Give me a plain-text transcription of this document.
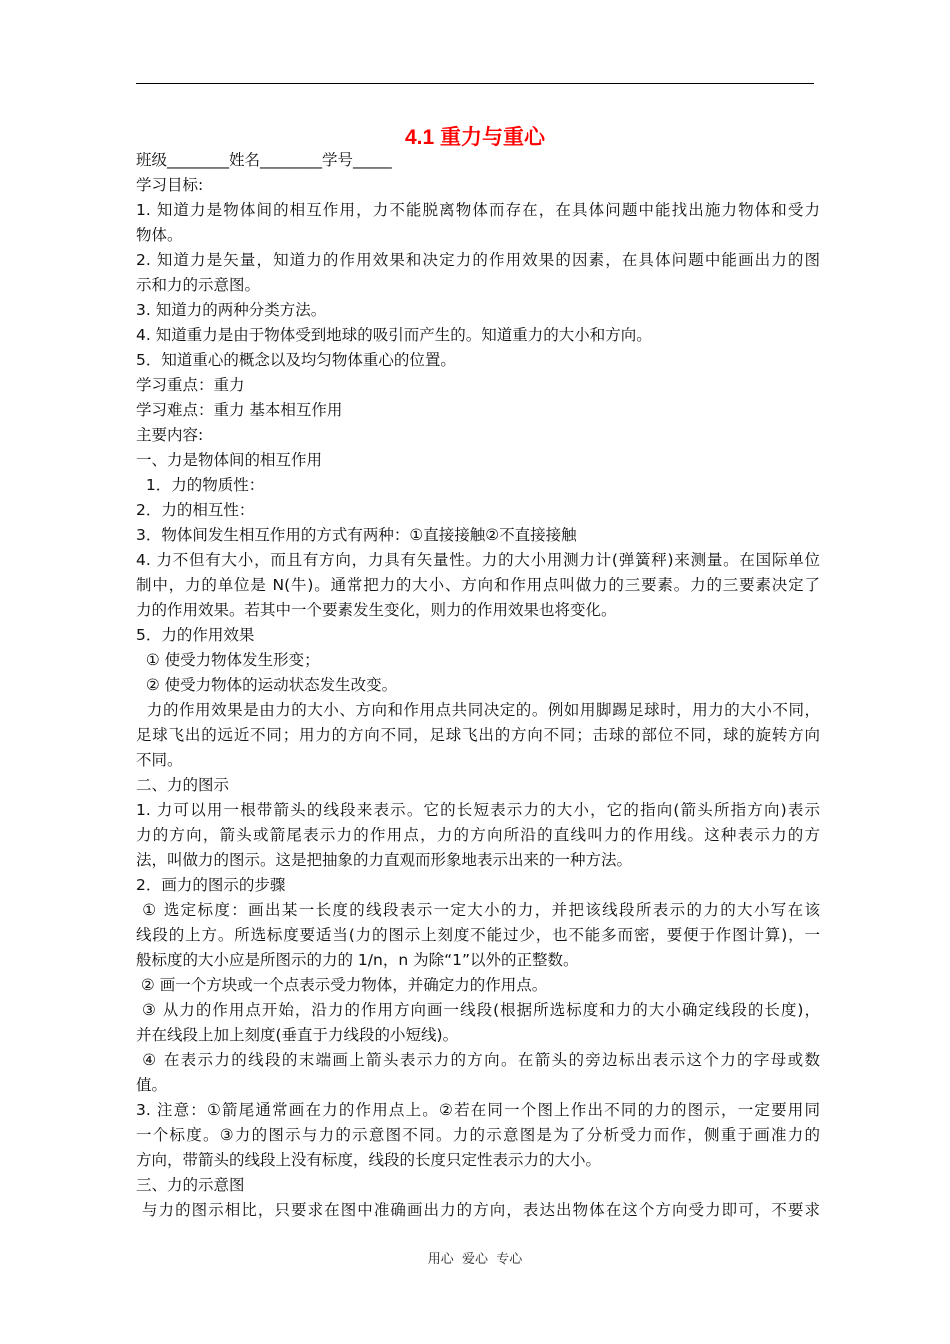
4.1 重力与重心
班级________姓名________学号_____
学习目标:
1. 知道力是物体间的相互作用，力不能脱离物体而存在，在具体问题中能找出施力物体和受力
物体。
2. 知道力是矢量，知道力的作用效果和决定力的作用效果的因素，在具体问题中能画出力的图
示和力的示意图。
3. 知道力的两种分类方法。
4. 知道重力是由于物体受到地球的吸引而产生的。知道重力的大小和方向。
5．知道重心的概念以及均匀物体重心的位置。
学习重点：重力
学习难点：重力 基本相互作用
主要内容:
一、力是物体间的相互作用
1．力的物质性：
2．力的相互性：
3．物体间发生相互作用的方式有两种：①直接接触②不直接接触
4. 力不但有大小，而且有方向，力具有矢量性。力的大小用测力计(弹簧秤)来测量。在国际单位
制中，力的单位是 N(牛)。通常把力的大小、方向和作用点叫做力的三要素。力的三要素决定了
力的作用效果。若其中一个要素发生变化，则力的作用效果也将变化。
5．力的作用效果
① 使受力物体发生形变；
② 使受力物体的运动状态发生改变。
力的作用效果是由力的大小、方向和作用点共同决定的。例如用脚踢足球时，用力的大小不同，
足球飞出的远近不同；用力的方向不同，足球飞出的方向不同；击球的部位不同，球的旋转方向
不同。
二、力的图示
1. 力可以用一根带箭头的线段来表示。它的长短表示力的大小，它的指向(箭头所指方向)表示
力的方向，箭头或箭尾表示力的作用点，力的方向所沿的直线叫力的作用线。这种表示力的方
法，叫做力的图示。这是把抽象的力直观而形象地表示出来的一种方法。
2．画力的图示的步骤
① 选定标度：画出某一长度的线段表示一定大小的力，并把该线段所表示的力的大小写在该
线段的上方。所选标度要适当(力的图示上刻度不能过少，也不能多而密，要便于作图计算)，一
般标度的大小应是所图示的力的 1/n，n 为除“1”以外的正整数。
② 画一个方块或一个点表示受力物体，并确定力的作用点。
③ 从力的作用点开始，沿力的作用方向画一线段(根据所选标度和力的大小确定线段的长度)，
并在线段上加上刻度(垂直于力线段的小短线)。
④ 在表示力的线段的末端画上箭头表示力的方向。在箭头的旁边标出表示这个力的字母或数
值。
3. 注意：①箭尾通常画在力的作用点上。②若在同一个图上作出不同的力的图示，一定要用同
一个标度。③力的图示与力的示意图不同。力的示意图是为了分析受力而作，侧重于画准力的
方向，带箭头的线段上没有标度，线段的长度只定性表示力的大小。
三、力的示意图
与力的图示相比，只要求在图中准确画出力的方向，表达出物体在这个方向受力即可，不要求
用心  爱心  专心
